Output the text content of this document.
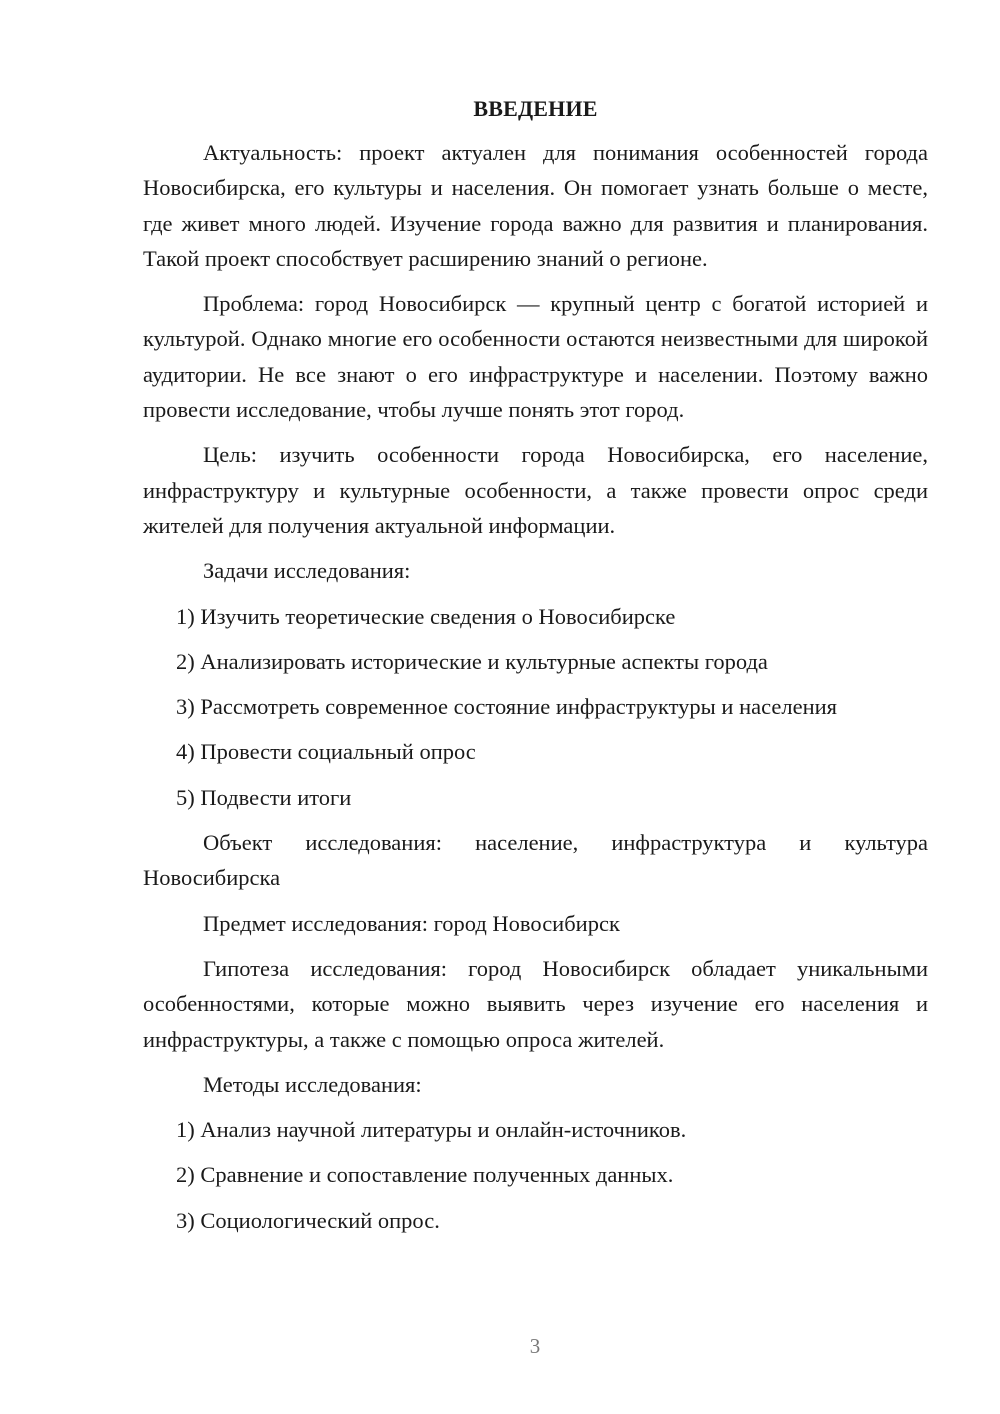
ВВЕДЕНИЕ

Актуальность: проект актуален для понимания особенностей города Новосибирска, его культуры и населения. Он помогает узнать больше о месте, где живет много людей. Изучение города важно для развития и планирования. Такой проект способствует расширению знаний о регионе.

Проблема: город Новосибирск — крупный центр с богатой историей и культурой. Однако многие его особенности остаются неизвестными для широкой аудитории. Не все знают о его инфраструктуре и населении. Поэтому важно провести исследование, чтобы лучше понять этот город.

Цель: изучить особенности города Новосибирска, его население, инфраструктуру и культурные особенности, а также провести опрос среди жителей для получения актуальной информации.

Задачи исследования:

1) Изучить теоретические сведения о Новосибирске
2) Анализировать исторические и культурные аспекты города
3) Рассмотреть современное состояние инфраструктуры и населения
4) Провести социальный опрос
5) Подвести итоги

Объект исследования: население, инфраструктура и культура Новосибирска

Предмет исследования: город Новосибирск

Гипотеза исследования: город Новосибирск обладает уникальными особенностями, которые можно выявить через изучение его населения и инфраструктуры, а также с помощью опроса жителей.

Методы исследования:

1) Анализ научной литературы и онлайн-источников.
2) Сравнение и сопоставление полученных данных.
3) Социологический опрос.
3
